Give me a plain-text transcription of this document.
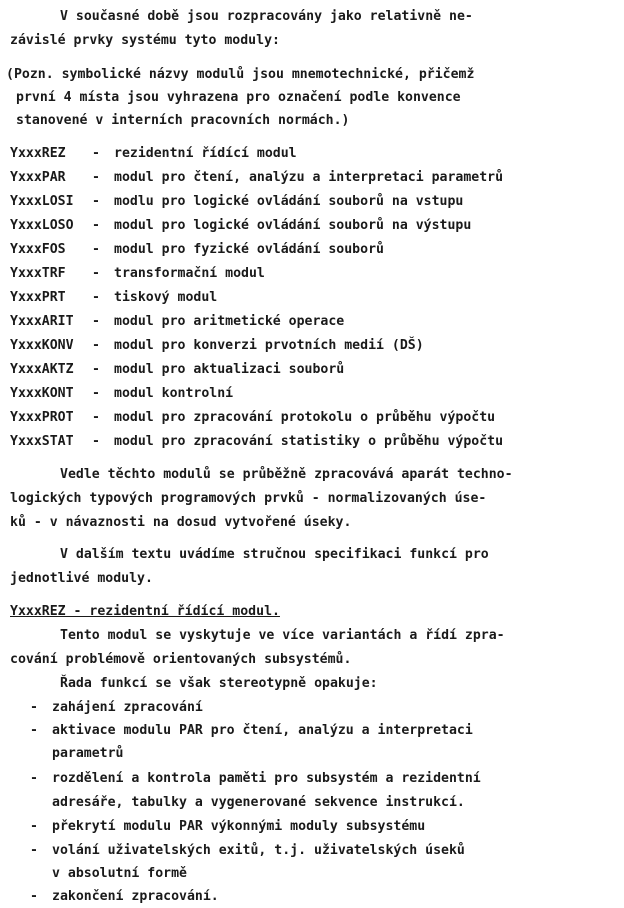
V současné době jsou rozpracovány jako relativně ne-
závislé prvky systému tyto moduly:
(Pozn. symbolické názvy modulů jsou mnemotechnické, přičemž
první 4 místa jsou vyhrazena pro označení podle konvence
stanovené v interních pracovních normách.)
YxxxREZ - rezidentní řídící modul
YxxxPAR - modul pro čtení, analýzu a interpretaci parametrů
YxxxLOSI - modlu pro logické ovládání souborů na vstupu
YxxxLOSO - modul pro logické ovládání souborů na výstupu
YxxxFOS - modul pro fyzické ovládání souborů
YxxxTRF - transformační modul
YxxxPRT - tiskový modul
YxxxARIT - modul pro aritmetické operace
YxxxKONV - modul pro konverzi prvotních medií (DŠ)
YxxxAKTZ - modul pro aktualizaci souborů
YxxxKONT - modul kontrolní
YxxxPROT - modul pro zpracování protokolu o průběhu výpočtu
YxxxSTAT - modul pro zpracování statistiky o průběhu výpočtu
Vedle těchto modulů se průběžně zpracovává aparát techno-
logických typových programových prvků - normalizovaných úse-
ků - v návaznosti na dosud vytvořené úseky.
V dalším textu uvádíme stručnou specifikaci funkcí pro
jednotlivé moduly.
YxxxREZ - rezidentní řídící modul.
Tento modul se vyskytuje ve více variantách a řídí zpra-
cování problémově orientovaných subsystémů.
Řada funkcí se však stereotypně opakuje:
- zahájení zpracování
- aktivace modulu PAR pro čtení, analýzu a interpretaci
parametrů
- rozdělení a kontrola paměti pro subsystém a rezidentní
adresáře, tabulky a vygenerované sekvence instrukcí.
- překrytí modulu PAR výkonnými moduly subsystému
- volání uživatelských exitů, t.j. uživatelských úseků
v absolutní formě
- zakončení zpracování.
